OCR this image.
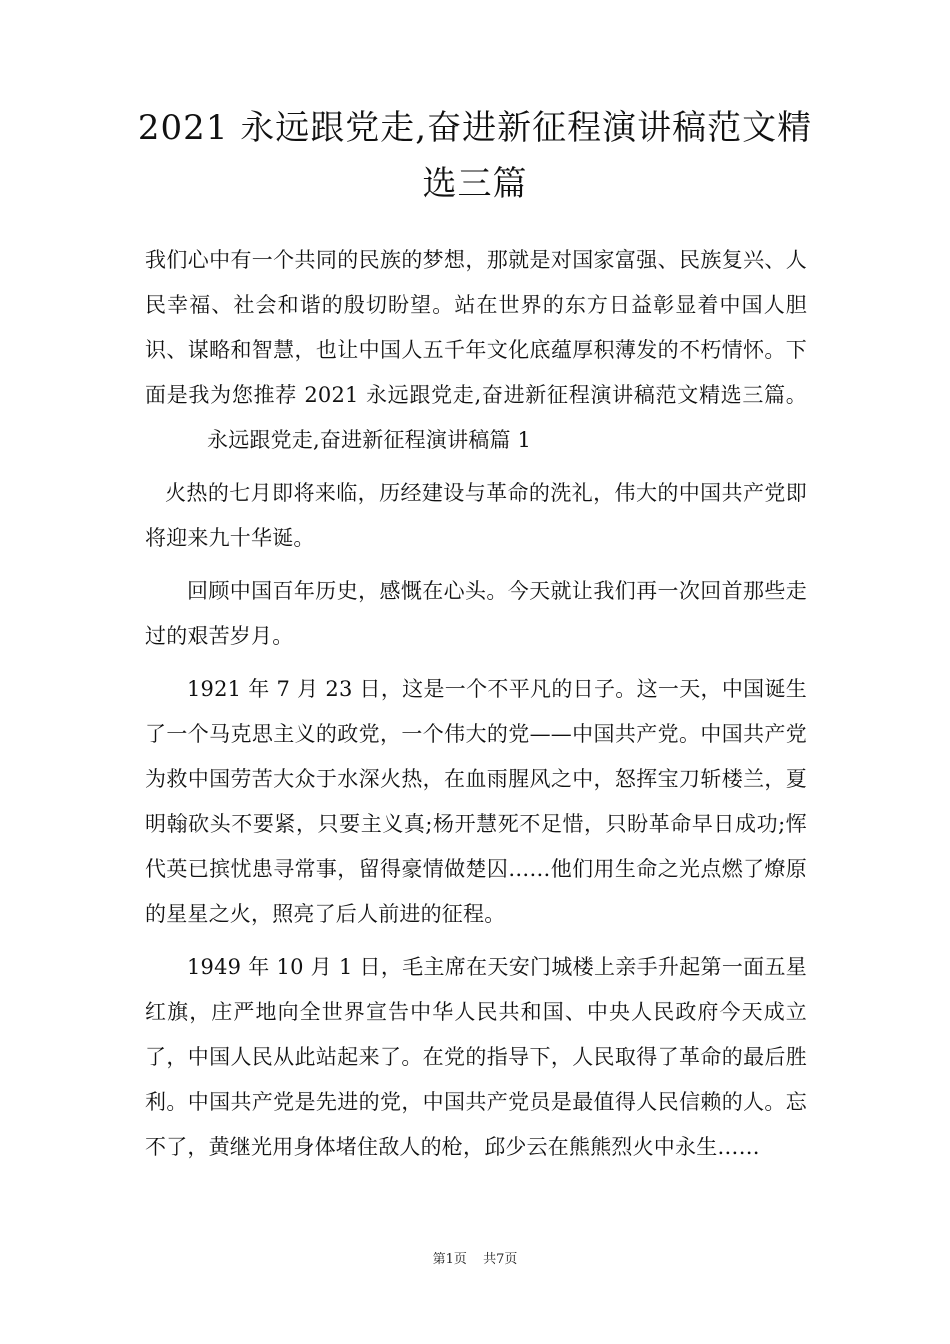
2021 永远跟党走,奋进新征程演讲稿范文精
选三篇

我们心中有一个共同的民族的梦想，那就是对国家富强、民族复兴、人民幸福、社会和谐的殷切盼望。站在世界的东方日益彰显着中国人胆识、谋略和智慧，也让中国人五千年文化底蕴厚积薄发的不朽情怀。下面是我为您推荐 2021 永远跟党走,奋进新征程演讲稿范文精选三篇。永远跟党走,奋进新征程演讲稿篇 1

火热的七月即将来临，历经建设与革命的洗礼，伟大的中国共产党即将迎来九十华诞。

回顾中国百年历史，感慨在心头。今天就让我们再一次回首那些走过的艰苦岁月。

1921 年 7 月 23 日，这是一个不平凡的日子。这一天，中国诞生了一个马克思主义的政党，一个伟大的党——中国共产党。中国共产党为救中国劳苦大众于水深火热，在血雨腥风之中，怒挥宝刀斩楼兰，夏明翰砍头不要紧，只要主义真;杨开慧死不足惜，只盼革命早日成功;恽代英已摈忧患寻常事，留得豪情做楚囚……他们用生命之光点燃了燎原的星星之火，照亮了后人前进的征程。

1949 年 10 月 1 日，毛主席在天安门城楼上亲手升起第一面五星红旗，庄严地向全世界宣告中华人民共和国、中央人民政府今天成立了，中国人民从此站起来了。在党的指导下，人民取得了革命的最后胜利。中国共产党是先进的党，中国共产党员是最值得人民信赖的人。忘不了，黄继光用身体堵住敌人的枪，邱少云在熊熊烈火中永生……

第1页 共7页
